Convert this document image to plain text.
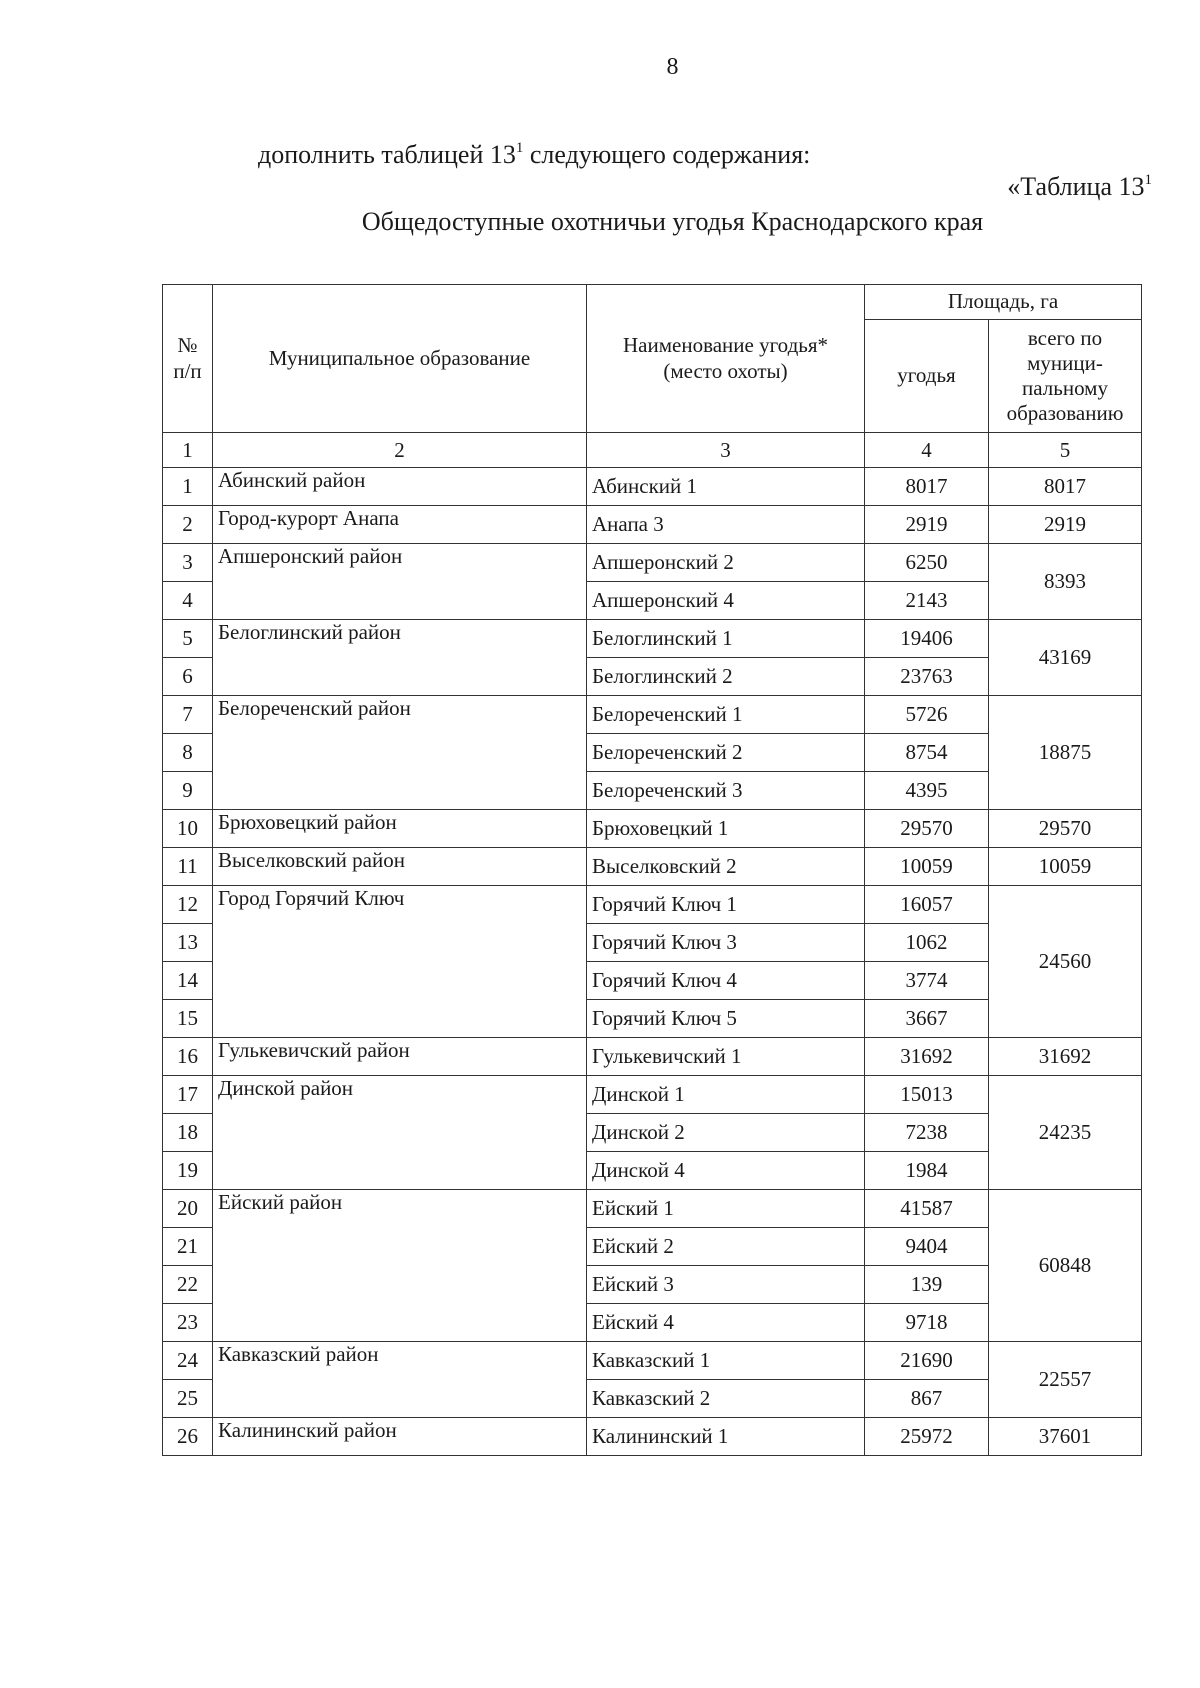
8
дополнить таблицей $13^1$ следующего содержания:
«Таблица $13^1$
Общедоступные охотничьи угодья Краснодарского края
№ п/п	Муниципальное образование	Наименование угодья* (место охоты)	Площадь, га	
			угодья	всего по муниципальному образованию
1	2	3	4	5
1	Абинский район	Абинский 1	8017	8017
2	Город-курорт Анапа	Анапа 3	2919	2919
3	Апшеронский район	Апшеронский 2	6250	8393
4		Апшеронский 4	2143	
5	Белоглинский район	Белоглинский 1	19406	43169
6		Белоглинский 2	23763	
7	Белореченский район	Белореченский 1	5726	18875
8		Белореченский 2	8754	
9		Белореченский 3	4395	
10	Брюховецкий район	Брюховецкий 1	29570	29570
11	Выселковский район	Выселковский 2	10059	10059
12	Город Горячий Ключ	Горячий Ключ 1	16057	24560
13		Горячий Ключ 3	1062	
14		Горячий Ключ 4	3774	
15		Горячий Ключ 5	3667	
16	Гулькевичский район	Гулькевичский 1	31692	31692
17	Динской район	Динской 1	15013	24235
18		Динской 2	7238	
19		Динской 4	1984	
20	Ейский район	Ейский 1	41587	60848
21		Ейский 2	9404	
22		Ейский 3	139	
23		Ейский 4	9718	
24	Кавказский район	Кавказский 1	21690	22557
25		Кавказский 2	867	
26	Калининский район	Калининский 1	25972	37601
